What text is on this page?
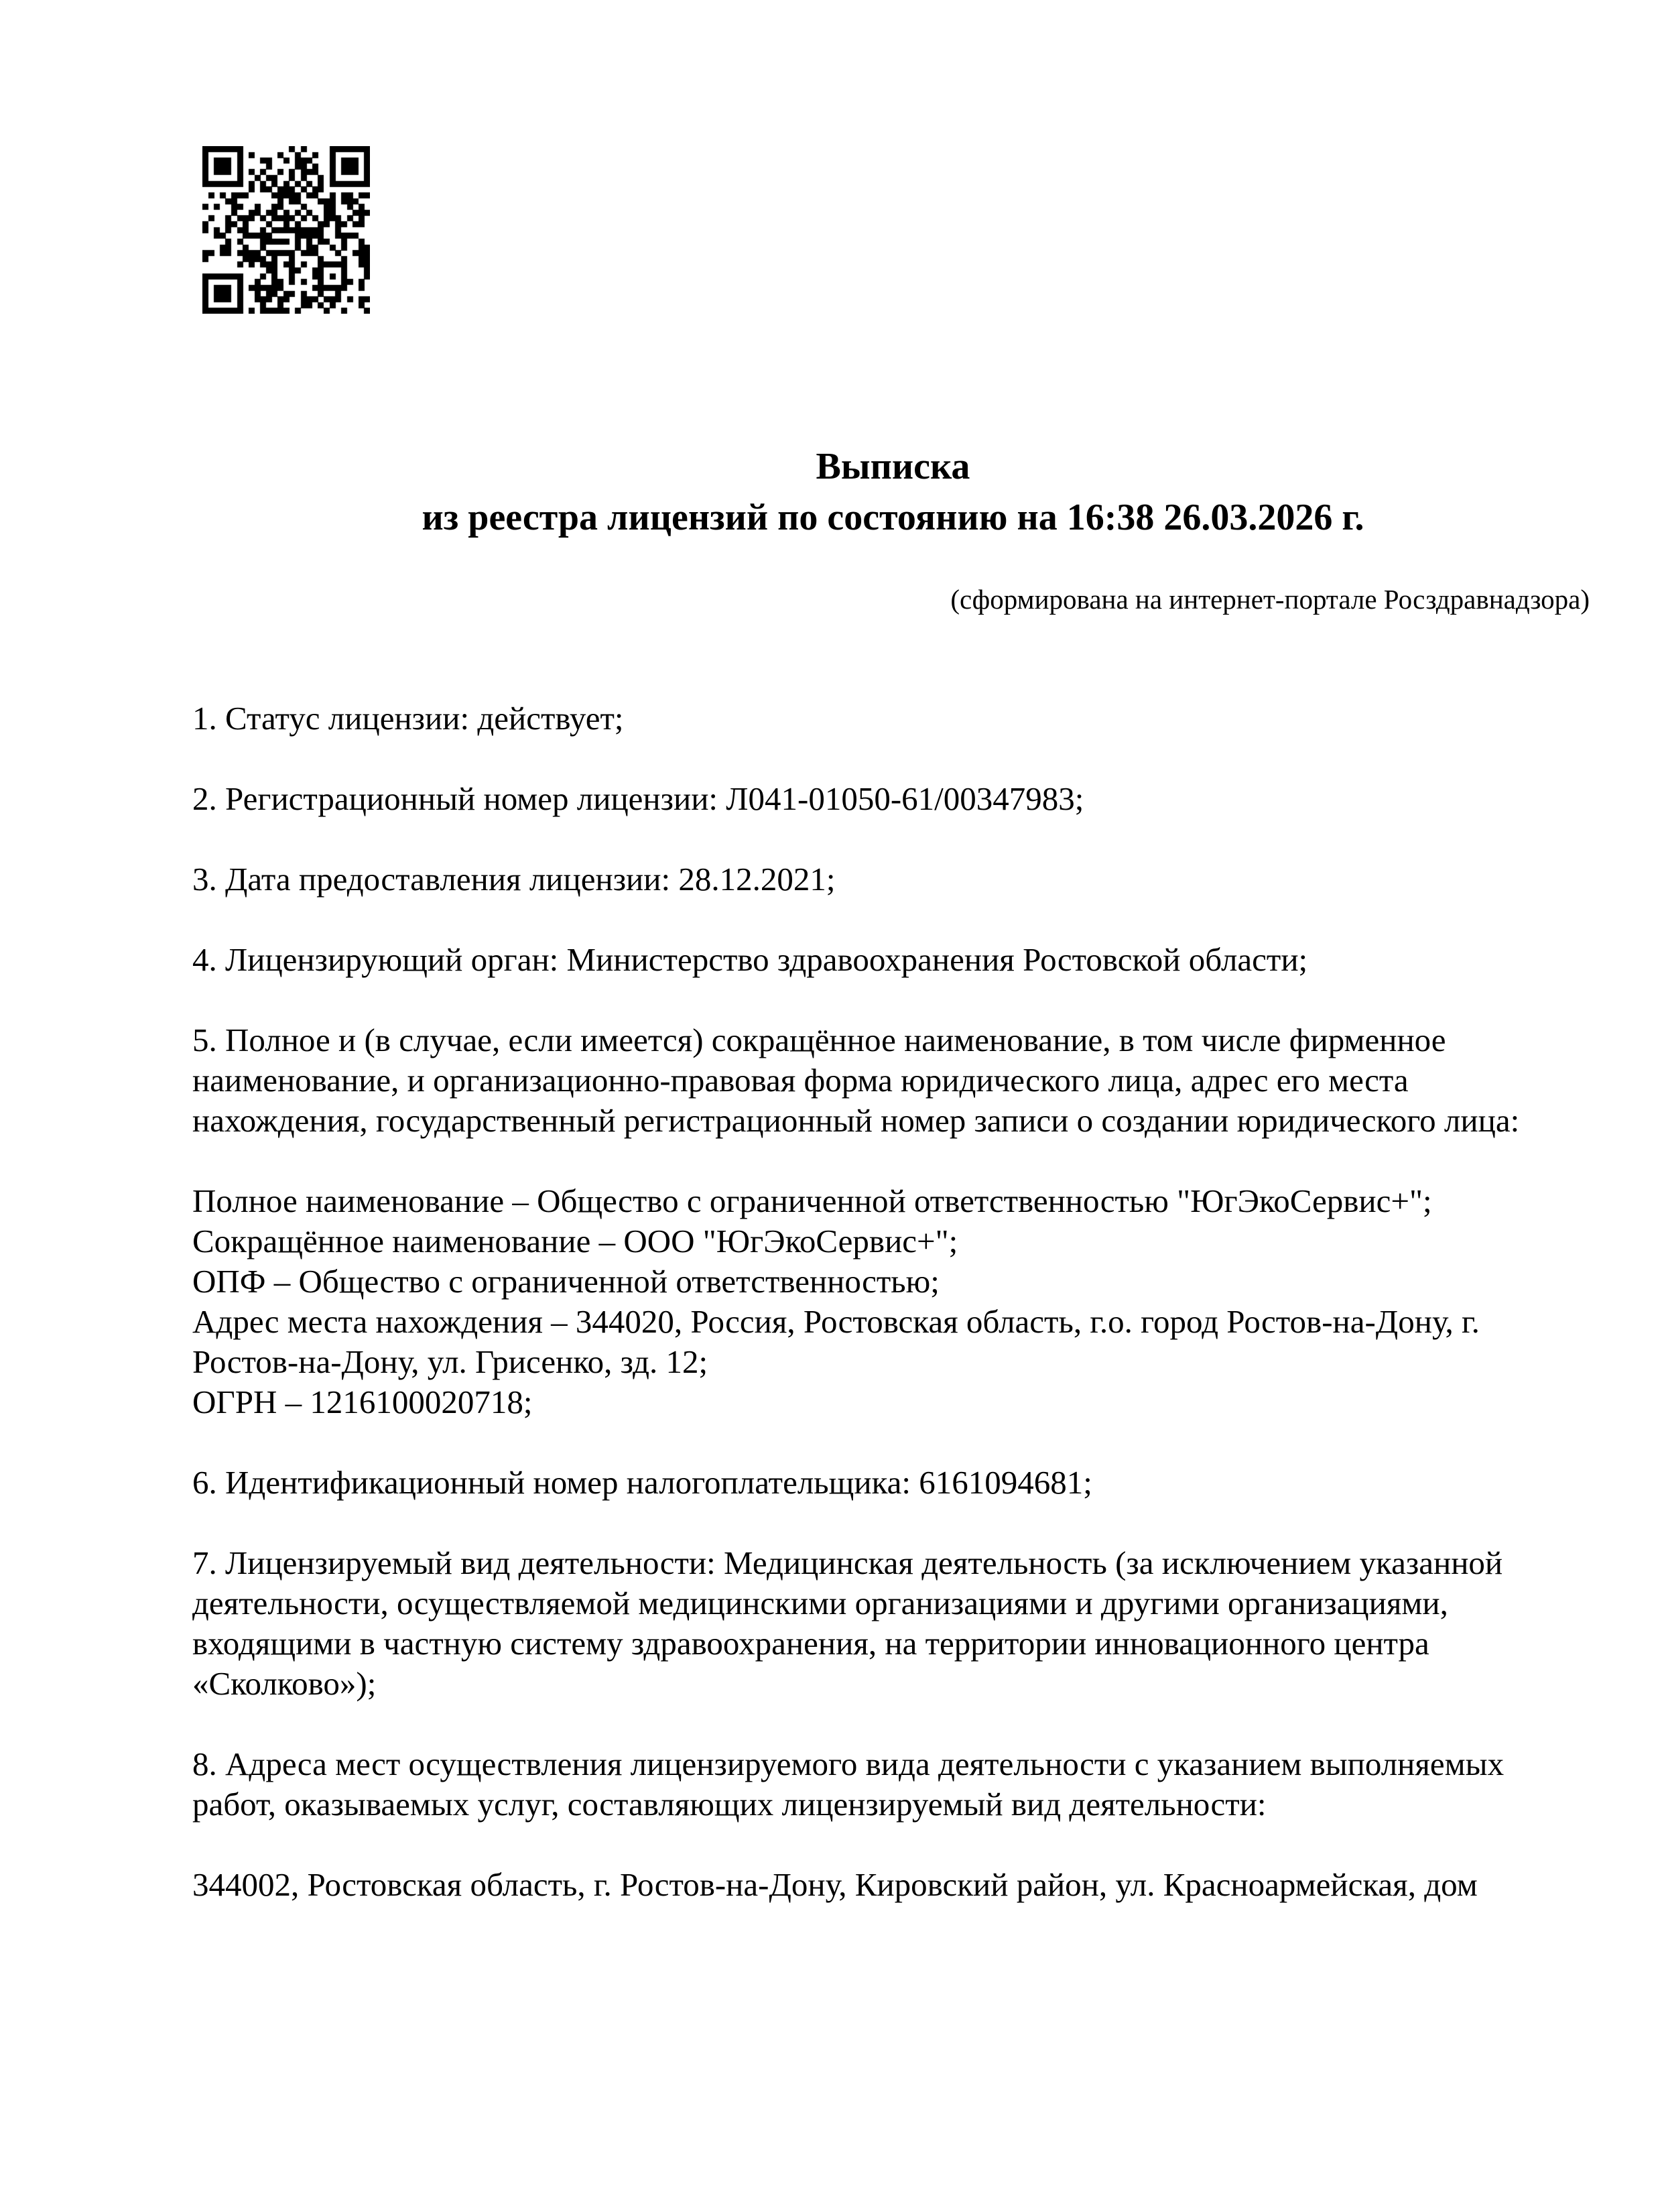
Выписка
из реестра лицензий по состоянию на 16:38 26.03.2026 г.
(сформирована на интернет-портале Росздравнадзора)
1. Статус лицензии: действует;
2. Регистрационный номер лицензии: Л041-01050-61/00347983;
3. Дата предоставления лицензии: 28.12.2021;
4. Лицензирующий орган: Министерство здравоохранения Ростовской области;
5. Полное и (в случае, если имеется) сокращённое наименование, в том числе фирменное
наименование, и организационно-правовая форма юридического лица, адрес его места
нахождения, государственный регистрационный номер записи о создании юридического лица:
Полное наименование – Общество с ограниченной ответственностью "ЮгЭкоСервис+";
Сокращённое наименование – ООО "ЮгЭкоСервис+";
ОПФ – Общество с ограниченной ответственностью;
Адрес места нахождения – 344020, Россия, Ростовская область, г.о. город Ростов-на-Дону, г.
Ростов-на-Дону, ул. Грисенко, зд. 12;
ОГРН – 1216100020718;
6. Идентификационный номер налогоплательщика: 6161094681;
7. Лицензируемый вид деятельности: Медицинская деятельность (за исключением указанной
деятельности, осуществляемой медицинскими организациями и другими организациями,
входящими в частную систему здравоохранения, на территории инновационного центра
«Сколково»);
8. Адреса мест осуществления лицензируемого вида деятельности с указанием выполняемых
работ, оказываемых услуг, составляющих лицензируемый вид деятельности:
344002, Ростовская область, г. Ростов-на-Дону, Кировский район, ул. Красноармейская, дом
